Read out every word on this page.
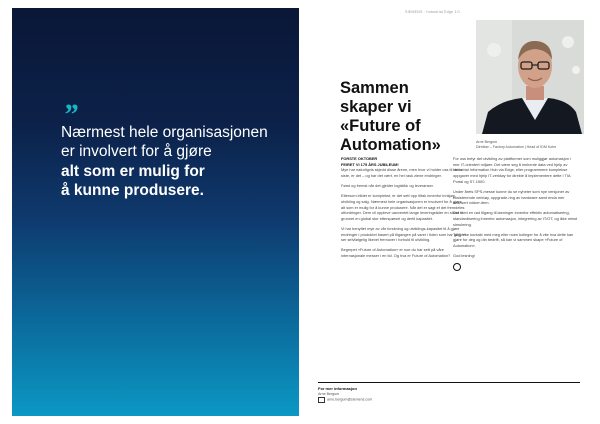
”
Nærmest hele organisasjonen
er involvert for å gjøre
alt som er mulig for
å kunne produsere.
SIEMENS · Industrial Edge 1/1
Arne Bergum
Direktør – Factory Automation | Head of IDM Kohe
Sammen
skaper vi
«Future of
Automation»

FORSTE OKTOBER

FEIRET VI 175 ÅRS JUBILEUM!

Mye har naturligvis skjedd disse årene, men hvor vi holder oss til de to siste, er det – og har det vært, en hel rask ziene endringer.

Først og fremst når det gjelder logistikk og leveranser.

Ettersom bildet er komplekst, er det sett opp tiltak innenfor innkjøp, utvikling og salg. Nærmest hele organisasjonen er involvert for å gjøre alt som er mulig for å kunne produsere. Når det er sagt et det fremdeles utfordringer. Dem vil oppleve uavventet lange leveringstider en stund til grunnet en global stor etterspørsel og dertil kapasitet.

Vi har benyttet mye av vår forskning og utviklings-kapasitet til å gjøre endringer i produktet basert på tilgangen på varer i tiden som har gått. Vi ser selvfølgelig likevel fremover i forhold til utvikling.

Begrepet «Future of Automation» er noe du har sett på våre internasjonale messer i en tid. Og hva er Future of Automation?

For oss betyr det utvikling av plattformer som muliggjør automasjon i mer IT-orientert miljøer. Det være seg å innhente data ved hjelp av Industrial Information Hub via Edge, eller programmere komplekse oppgaver med hjelp IT-verktøy for direkte å implementere dette i TIA Portal og S7-1500.

Under årets SPS-messe kunne du se nyheter som nye versjoner av eksisterende verktøy, oppgrade-ring av hardware samt enda mer avansert rokker-item.

Det med en rød tilgang til løsninger innenfor effektiv automatisering, standardisering innenfor automasjon, integrering av IT/OT, og ikke minst simulering.

Ta gjerne kontakt med meg eller noen kolleger for å vite hva dette kan gjøre for deg og din bedrift, så kan vi sammen skape «Future of Automation».

God lesning!

For mer informasjon
Arne Bergum
arne.bergum@siemens.com
